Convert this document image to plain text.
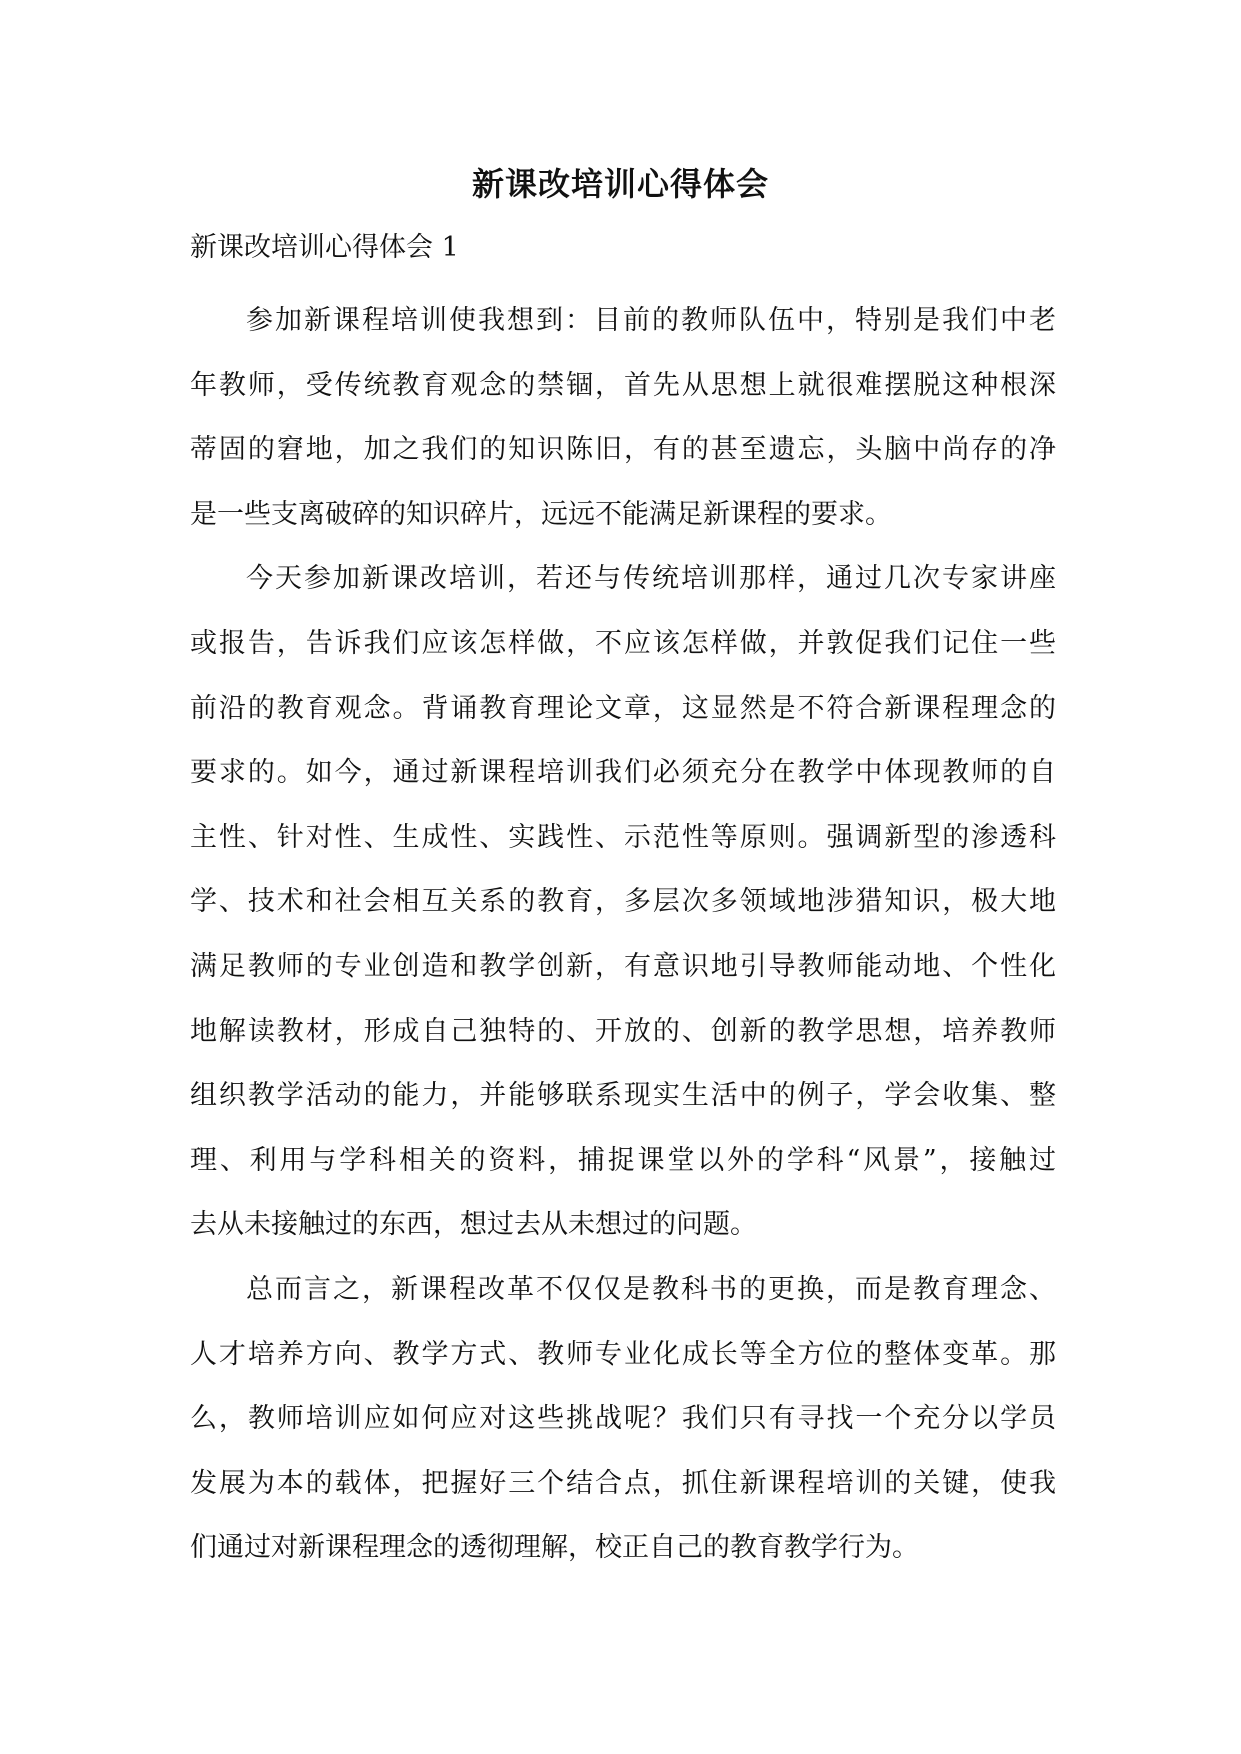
新课改培训心得体会
新课改培训心得体会 1

参加新课程培训使我想到：目前的教师队伍中，特别是我们中老
年教师，受传统教育观念的禁锢，首先从思想上就很难摆脱这种根深
蒂固的窘地，加之我们的知识陈旧，有的甚至遗忘，头脑中尚存的净
是一些支离破碎的知识碎片，远远不能满足新课程的要求。

今天参加新课改培训，若还与传统培训那样，通过几次专家讲座
或报告，告诉我们应该怎样做，不应该怎样做，并敦促我们记住一些
前沿的教育观念。背诵教育理论文章，这显然是不符合新课程理念的
要求的。如今，通过新课程培训我们必须充分在教学中体现教师的自
主性、针对性、生成性、实践性、示范性等原则。强调新型的渗透科
学、技术和社会相互关系的教育，多层次多领域地涉猎知识，极大地
满足教师的专业创造和教学创新，有意识地引导教师能动地、个性化
地解读教材，形成自己独特的、开放的、创新的教学思想，培养教师
组织教学活动的能力，并能够联系现实生活中的例子，学会收集、整
理、利用与学科相关的资料，捕捉课堂以外的学科“风景”，接触过
去从未接触过的东西，想过去从未想过的问题。

总而言之，新课程改革不仅仅是教科书的更换，而是教育理念、
人才培养方向、教学方式、教师专业化成长等全方位的整体变革。那
么，教师培训应如何应对这些挑战呢？我们只有寻找一个充分以学员
发展为本的载体，把握好三个结合点，抓住新课程培训的关键，使我
们通过对新课程理念的透彻理解，校正自己的教育教学行为。
